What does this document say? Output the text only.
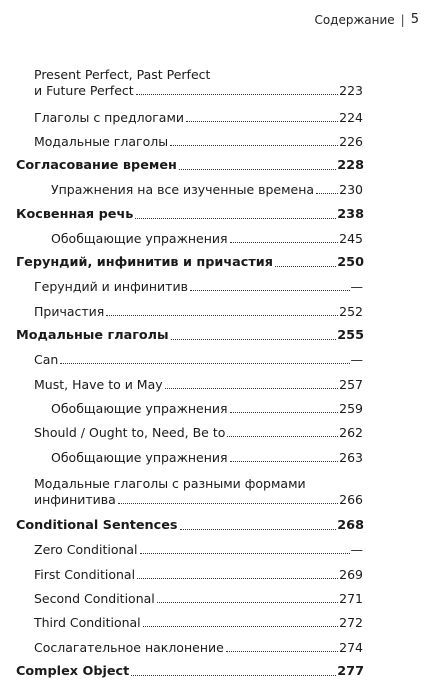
Содержание | 5
Present Perfect, Past Perfect
и Future Perfect	223
Глаголы с предлогами	224
Модальные глаголы	226
Согласование времен	228
Упражнения на все изученные времена 230
Косвенная речь	238
Обобщающие упражнения	245
Герундий, инфинитив и причастия	250
Герундий и инфинитив	—
Причастия	252
Модальные глаголы	255
Can	—
Must, Have to и May	257
Обобщающие упражнения	259
Should / Ought to, Need, Be to	262
Обобщающие упражнения	263
Модальные глаголы с разными формами
инфинитива	266
Conditional Sentences	268
Zero Conditional	—
First Conditional	269
Second Conditional	271
Third Conditional	272
Сослагательное наклонение	274
Complex Object	277
